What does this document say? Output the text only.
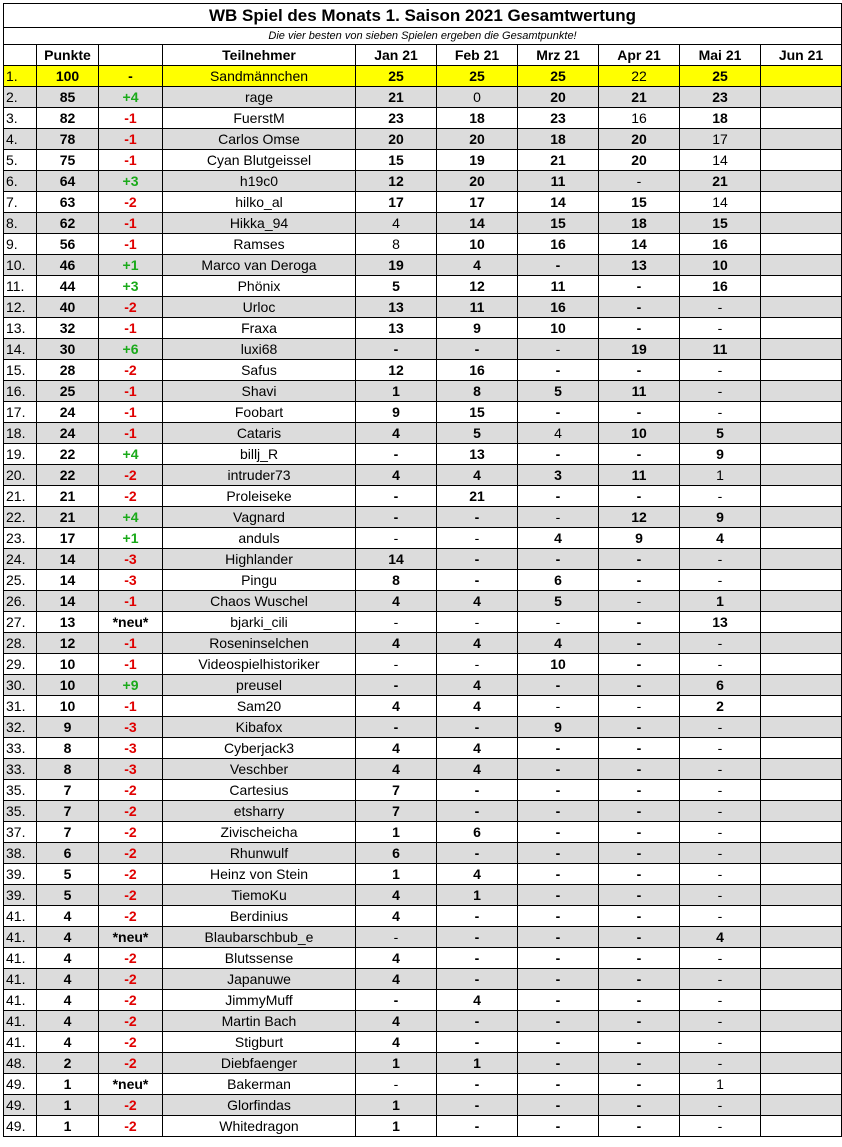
WB Spiel des Monats 1. Saison 2021 Gesamtwertung									
Die vier besten von sieben Spielen ergeben die Gesamtpunkte!									
	Punkte		Teilnehmer	Jan 21	Feb 21	Mrz 21	Apr 21	Mai 21	Jun 21
1.	100	-	Sandmännchen	25	25	25	22	25	
2.	85	+4	rage	21	0	20	21	23	
3.	82	-1	FuerstM	23	18	23	16	18	
4.	78	-1	Carlos Omse	20	20	18	20	17	
5.	75	-1	Cyan Blutgeissel	15	19	21	20	14	
6.	64	+3	h19c0	12	20	11	-	21	
7.	63	-2	hilko_al	17	17	14	15	14	
8.	62	-1	Hikka_94	4	14	15	18	15	
9.	56	-1	Ramses	8	10	16	14	16	
10.	46	+1	Marco van Deroga	19	4	-	13	10	
11.	44	+3	Phönix	5	12	11	-	16	
12.	40	-2	Urloc	13	11	16	-	-	
13.	32	-1	Fraxa	13	9	10	-	-	
14.	30	+6	luxi68	-	-	-	19	11	
15.	28	-2	Safus	12	16	-	-	-	
16.	25	-1	Shavi	1	8	5	11	-	
17.	24	-1	Foobart	9	15	-	-	-	
18.	24	-1	Cataris	4	5	4	10	5	
19.	22	+4	billj_R	-	13	-	-	9	
20.	22	-2	intruder73	4	4	3	11	1	
21.	21	-2	Proleiseke	-	21	-	-	-	
22.	21	+4	Vagnard	-	-	-	12	9	
23.	17	+1	anduls	-	-	4	9	4	
24.	14	-3	Highlander	14	-	-	-	-	
25.	14	-3	Pingu	8	-	6	-	-	
26.	14	-1	Chaos Wuschel	4	4	5	-	1	
27.	13	*neu*	bjarki_cili	-	-	-	-	13	
28.	12	-1	Roseninselchen	4	4	4	-	-	
29.	10	-1	Videospielhistoriker	-	-	10	-	-	
30.	10	+9	preusel	-	4	-	-	6	
31.	10	-1	Sam20	4	4	-	-	2	
32.	9	-3	Kibafox	-	-	9	-	-	
33.	8	-3	Cyberjack3	4	4	-	-	-	
33.	8	-3	Veschber	4	4	-	-	-	
35.	7	-2	Cartesius	7	-	-	-	-	
35.	7	-2	etsharry	7	-	-	-	-	
37.	7	-2	Zivischeicha	1	6	-	-	-	
38.	6	-2	Rhunwulf	6	-	-	-	-	
39.	5	-2	Heinz von Stein	1	4	-	-	-	
39.	5	-2	TiemoKu	4	1	-	-	-	
41.	4	-2	Berdinius	4	-	-	-	-	
41.	4	*neu*	Blaubarschbub_e	-	-	-	-	4	
41.	4	-2	Blutssense	4	-	-	-	-	
41.	4	-2	Japanuwe	4	-	-	-	-	
41.	4	-2	JimmyMuff	-	4	-	-	-	
41.	4	-2	Martin Bach	4	-	-	-	-	
41.	4	-2	Stigburt	4	-	-	-	-	
48.	2	-2	Diebfaenger	1	1	-	-	-	
49.	1	*neu*	Bakerman	-	-	-	-	1	
49.	1	-2	Glorfindas	1	-	-	-	-	
49.	1	-2	Whitedragon	1	-	-	-	-	
